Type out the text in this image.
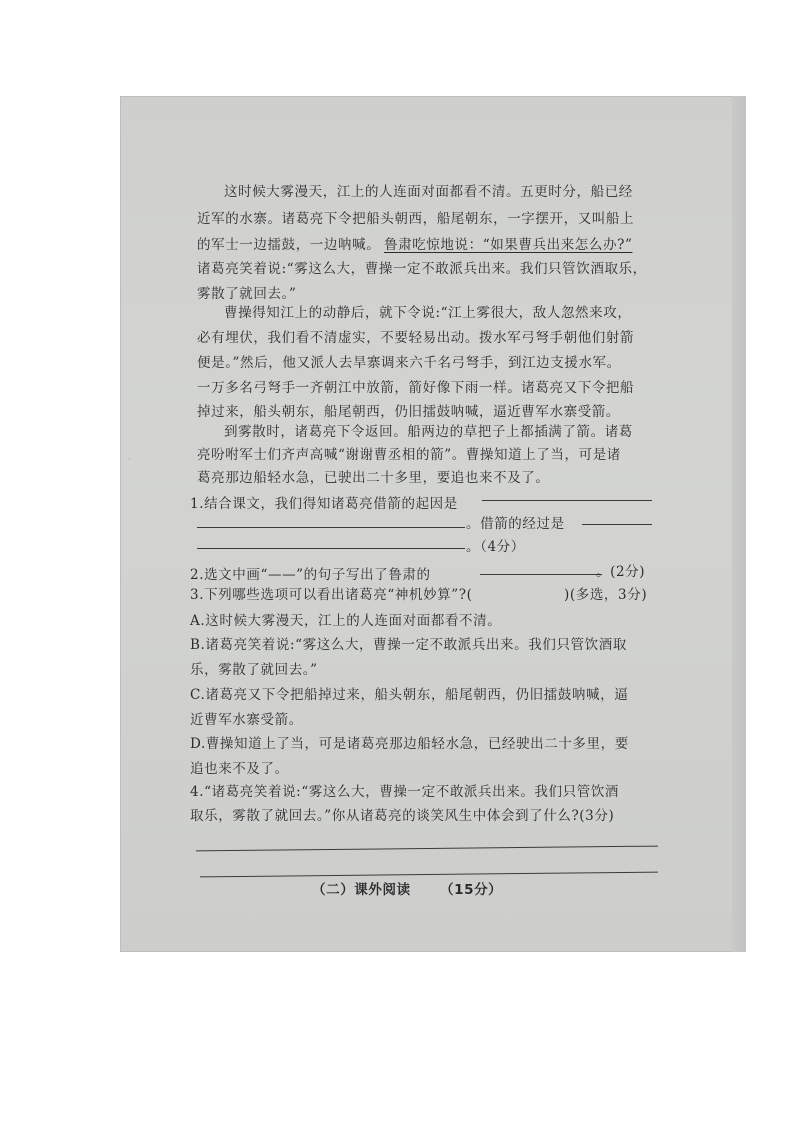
这时候大雾漫天，江上的人连面对面都看不清。五更时分，船已经
近军的水寨。诸葛亮下令把船头朝西，船尾朝东，一字摆开，又叫船上
的军士一边擂鼓，一边呐喊。 鲁肃吃惊地说：“如果曹兵出来怎么办?”
诸葛亮笑着说:“雾这么大，曹操一定不敢派兵出来。我们只管饮酒取乐，
雾散了就回去。”
曹操得知江上的动静后，就下令说:“江上雾很大，敌人忽然来攻，
必有埋伏，我们看不清虚实，不要轻易出动。拨水军弓弩手朝他们射箭
便是。”然后，他又派人去旱寨调来六千名弓弩手，到江边支援水军。
一万多名弓弩手一齐朝江中放箭，箭好像下雨一样。诸葛亮又下令把船
掉过来，船头朝东，船尾朝西，仍旧擂鼓呐喊，逼近曹军水寨受箭。
到雾散时，诸葛亮下令返回。船两边的草把子上都插满了箭。诸葛
亮吩咐军士们齐声高喊“谢谢曹丞相的箭”。曹操知道上了当，可是诸
葛亮那边船轻水急，已驶出二十多里，要追也来不及了。
·
1.结合课文，我们得知诸葛亮借箭的起因是
。借箭的经过是
。（4分）
2.选文中画“——”的句子写出了鲁肃的	。(2分)
3.下列哪些选项可以看出诸葛亮“神机妙算”?(	)(多选，3分)
A.这时候大雾漫天，江上的人连面对面都看不清。
B.诸葛亮笑着说:“雾这么大，曹操一定不敢派兵出来。我们只管饮酒取
乐，雾散了就回去。”
C.诸葛亮又下令把船掉过来，船头朝东，船尾朝西，仍旧擂鼓呐喊，逼
近曹军水寨受箭。
D.曹操知道上了当，可是诸葛亮那边船轻水急，已经驶出二十多里，要
追也来不及了。
4.“诸葛亮笑着说:“雾这么大，曹操一定不敢派兵出来。我们只管饮酒
取乐，雾散了就回去。”你从诸葛亮的谈笑风生中体会到了什么?(3分)
（二）课外阅读 （15分）
